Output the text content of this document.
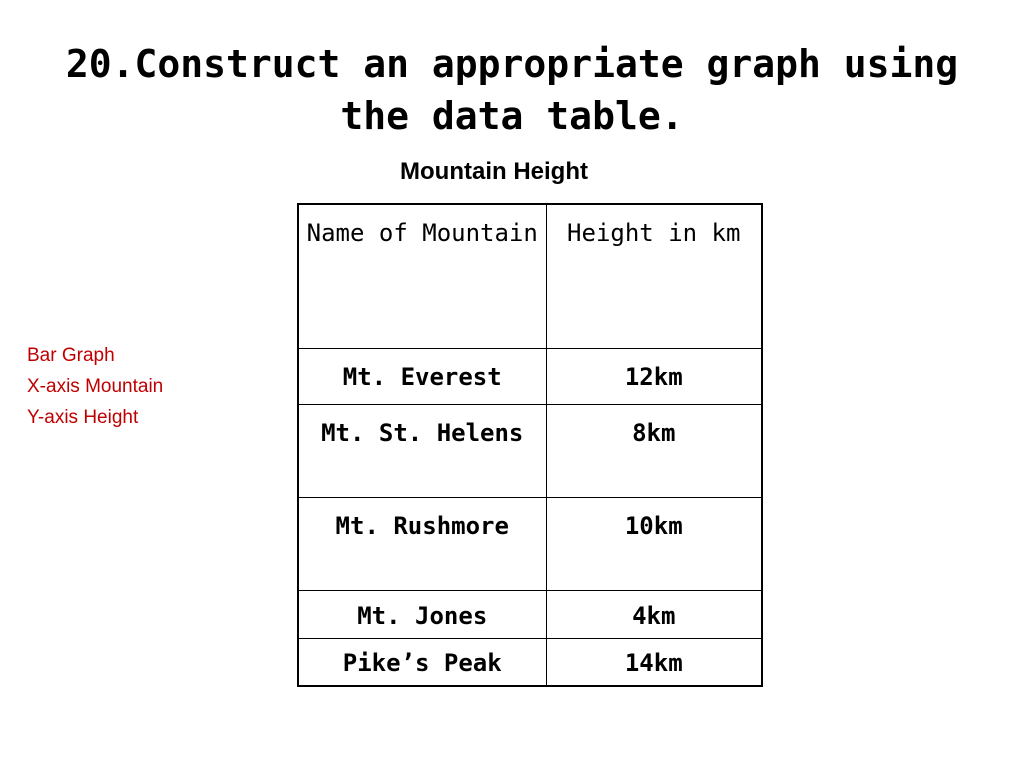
20.Construct an appropriate graph using the data table.
Mountain Height
Bar Graph
X-axis Mountain
Y-axis Height
Name of Mountain	Height in km
Mt. Everest	12km
Mt. St. Helens	8km
Mt. Rushmore	10km
Mt. Jones	4km
Pike’s Peak	14km
